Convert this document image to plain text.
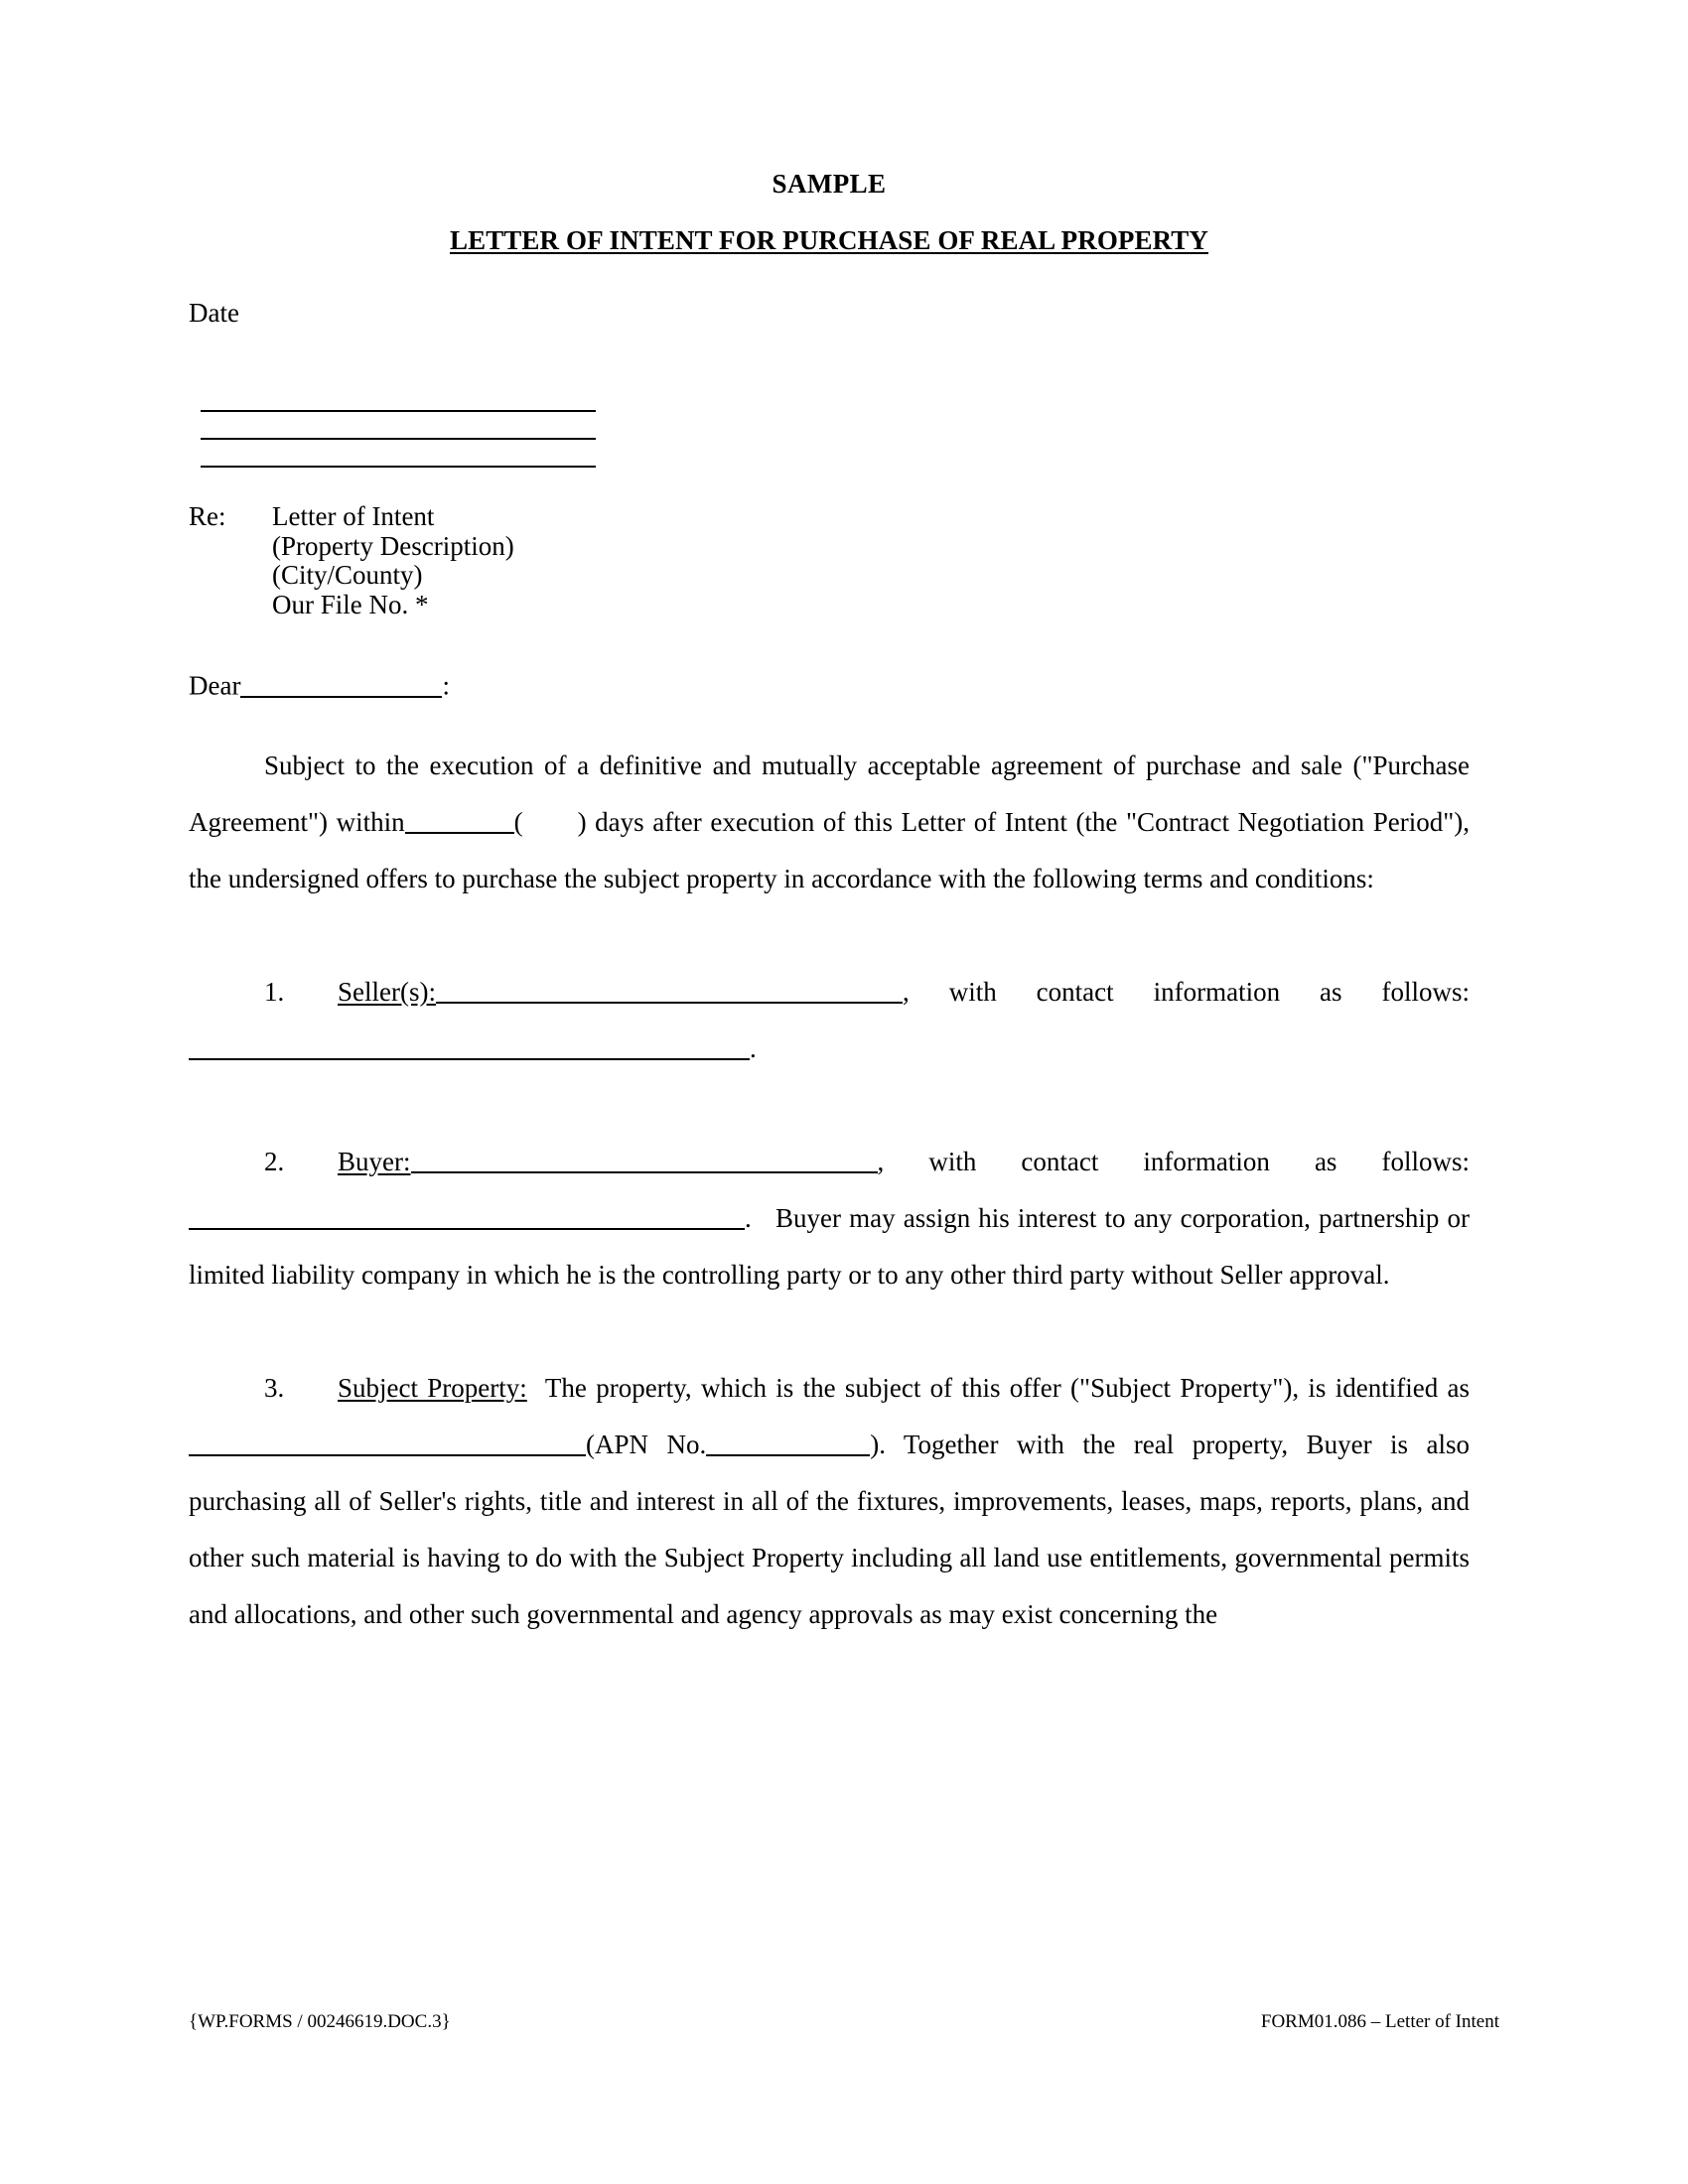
SAMPLE
LETTER OF INTENT FOR PURCHASE OF REAL PROPERTY
Date
Re:	Letter of Intent
(Property Description)
(City/County)
Our File No. *
Dear	:

Subject to the execution of a definitive and mutually acceptable agreement of purchase and sale ("Purchase Agreement") within	( ) days after execution of this Letter of Intent (the "Contract Negotiation Period"), the undersigned offers to purchase the subject property in accordance with the following terms and conditions:

1. Seller(s):	, with contact information as follows:.

2. Buyer:	, with contact information as follows:. Buyer may assign his interest to any corporation, partnership or limited liability company in which he is the controlling party or to any other third party without Seller approval.

3. Subject Property: The property, which is the subject of this offer ("Subject Property"), is identified as(APN No.	). Together with the real property, Buyer is also purchasing all of Seller's rights, title and interest in all of the fixtures, improvements, leases, maps, reports, plans, and other such material is having to do with the Subject Property including all land use entitlements, governmental permits and allocations, and other such governmental and agency approvals as may exist concerning the

{WP.FORMS / 00246619.DOC.3}	FORM01.086 – Letter of Intent
